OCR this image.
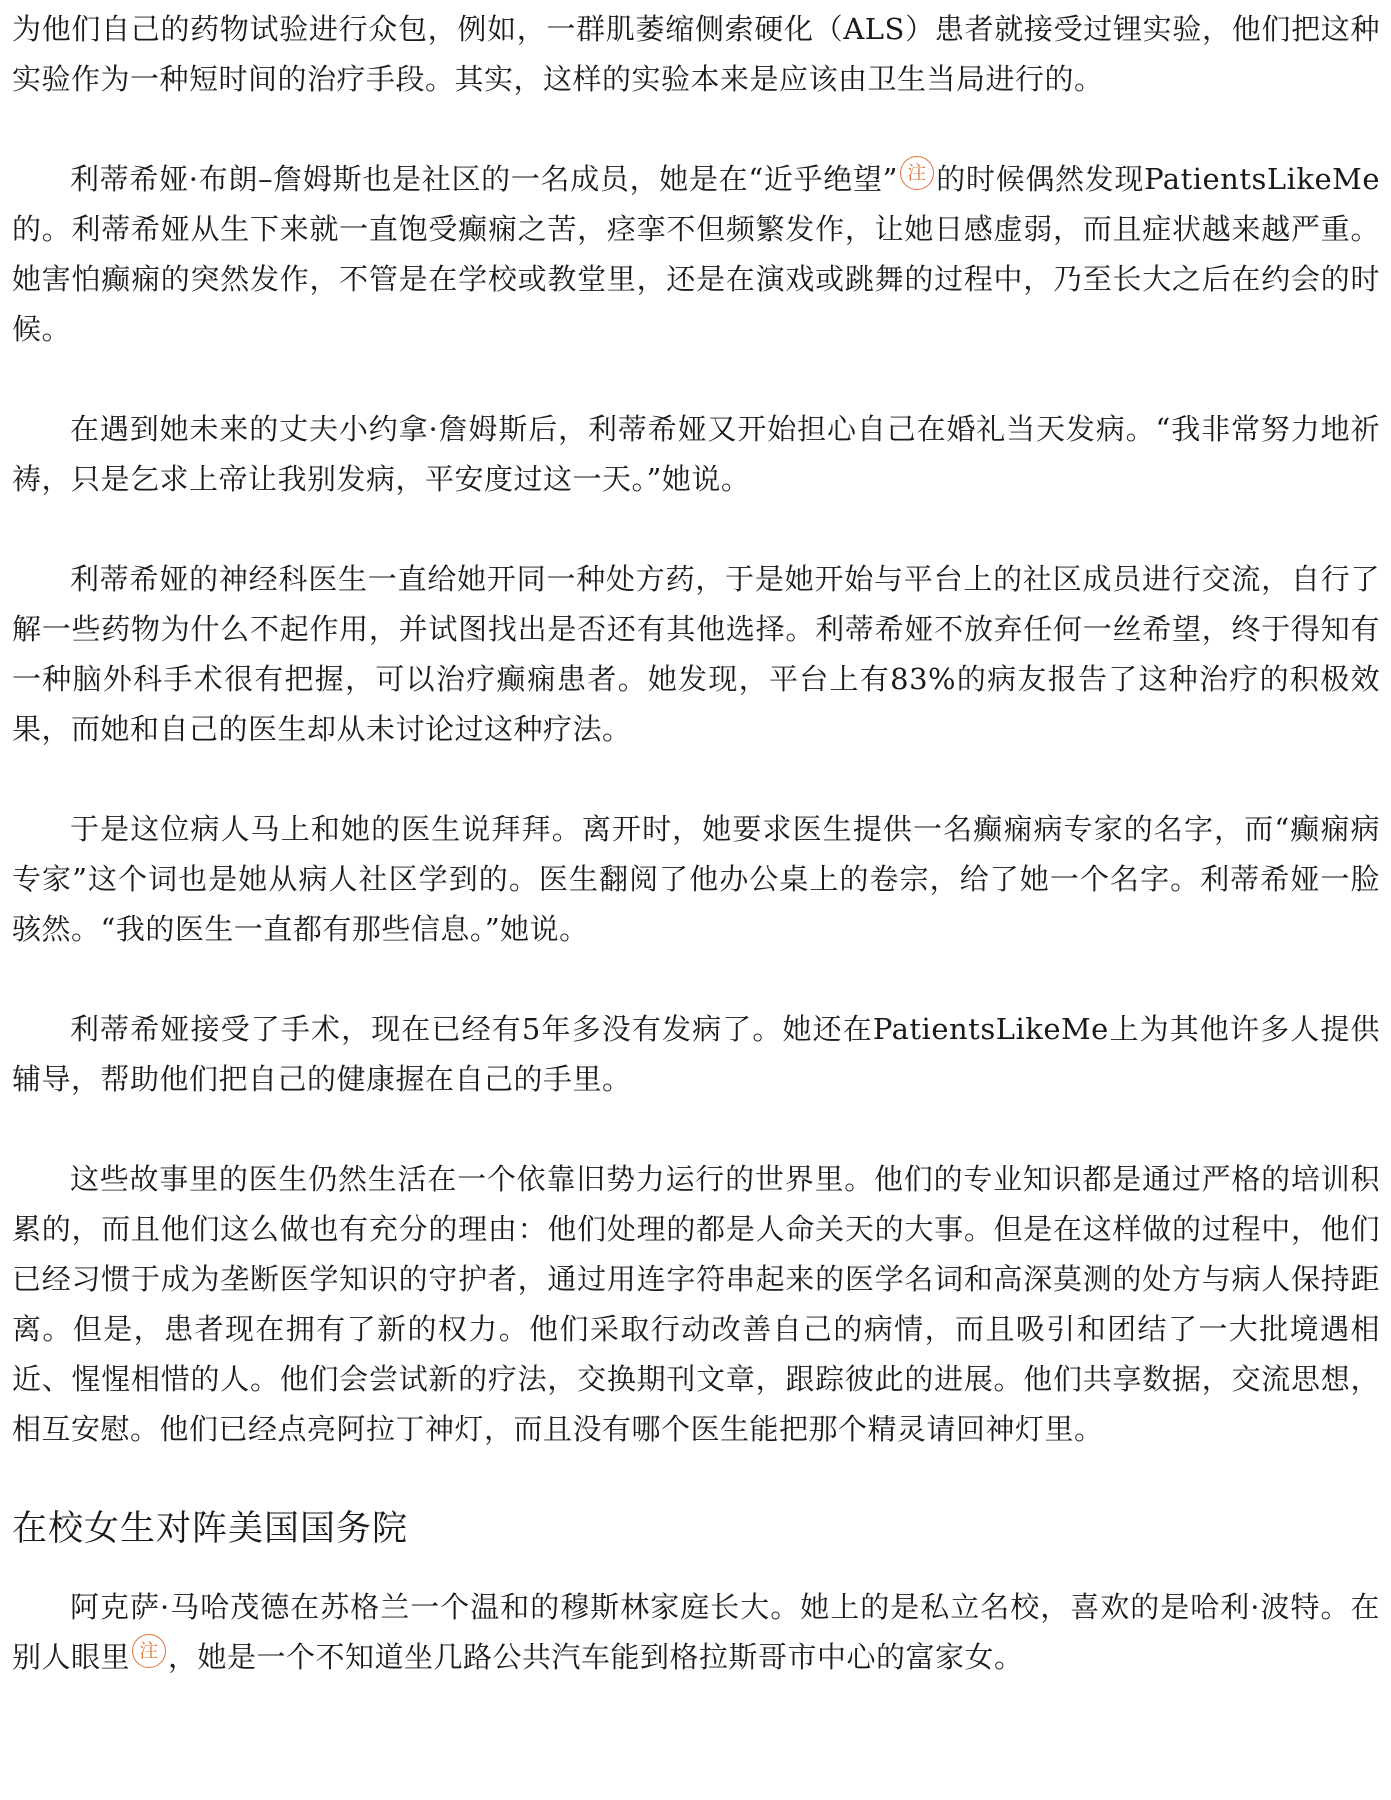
为他们自己的药物试验进行众包，例如，一群肌萎缩侧索硬化（ALS）患者就接受过锂实验，他们把这种实验作为一种短时间的治疗手段。其实，这样的实验本来是应该由卫生当局进行的。

利蒂希娅·布朗–詹姆斯也是社区的一名成员，她是在“近乎绝望” 注 的时候偶然发现PatientsLikeMe的。利蒂希娅从生下来就一直饱受癫痫之苦，痉挛不但频繁发作，让她日感虚弱，而且症状越来越严重。她害怕癫痫的突然发作，不管是在学校或教堂里，还是在演戏或跳舞的过程中，乃至长大之后在约会的时候。

在遇到她未来的丈夫小约拿·詹姆斯后，利蒂希娅又开始担心自己在婚礼当天发病。“我非常努力地祈祷，只是乞求上帝让我别发病，平安度过这一天。”她说。

利蒂希娅的神经科医生一直给她开同一种处方药，于是她开始与平台上的社区成员进行交流，自行了解一些药物为什么不起作用，并试图找出是否还有其他选择。利蒂希娅不放弃任何一丝希望，终于得知有一种脑外科手术很有把握，可以治疗癫痫患者。她发现，平台上有83%的病友报告了这种治疗的积极效果，而她和自己的医生却从未讨论过这种疗法。

于是这位病人马上和她的医生说拜拜。离开时，她要求医生提供一名癫痫病专家的名字，而“癫痫病专家”这个词也是她从病人社区学到的。医生翻阅了他办公桌上的卷宗，给了她一个名字。利蒂希娅一脸骇然。“我的医生一直都有那些信息。”她说。

利蒂希娅接受了手术，现在已经有5年多没有发病了。她还在PatientsLikeMe上为其他许多人提供辅导，帮助他们把自己的健康握在自己的手里。

这些故事里的医生仍然生活在一个依靠旧势力运行的世界里。他们的专业知识都是通过严格的培训积累的，而且他们这么做也有充分的理由：他们处理的都是人命关天的大事。但是在这样做的过程中，他们已经习惯于成为垄断医学知识的守护者，通过用连字符串起来的医学名词和高深莫测的处方与病人保持距离。但是，患者现在拥有了新的权力。他们采取行动改善自己的病情，而且吸引和团结了一大批境遇相近、惺惺相惜的人。他们会尝试新的疗法，交换期刊文章，跟踪彼此的进展。他们共享数据，交流思想，相互安慰。他们已经点亮阿拉丁神灯，而且没有哪个医生能把那个精灵请回神灯里。

在校女生对阵美国国务院

阿克萨·马哈茂德在苏格兰一个温和的穆斯林家庭长大。她上的是私立名校，喜欢的是哈利·波特。在别人眼里 注 ，她是一个不知道坐几路公共汽车能到格拉斯哥市中心的富家女。
